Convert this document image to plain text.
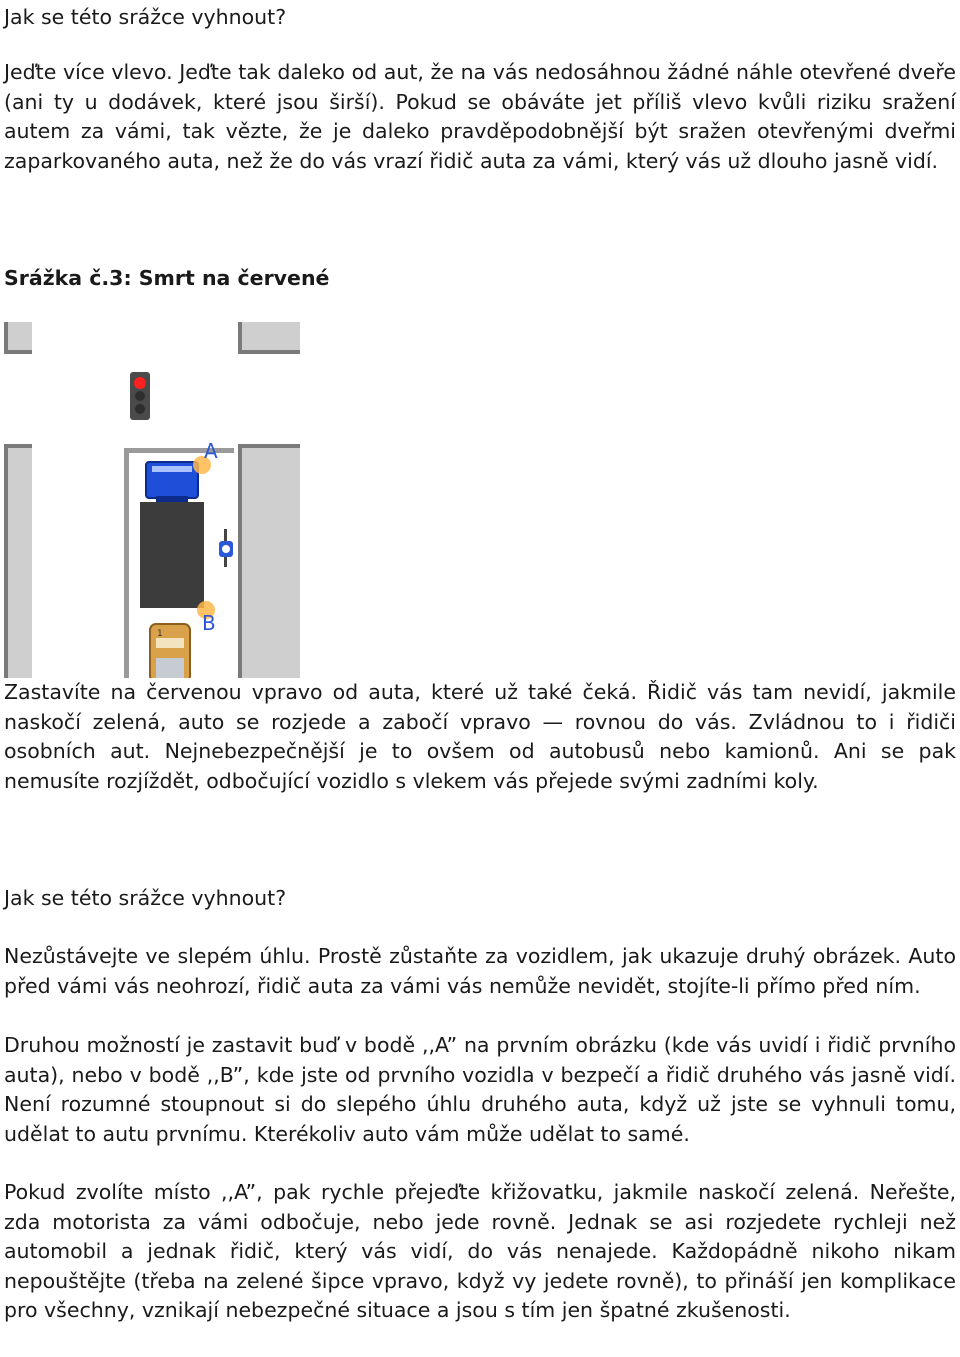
Jak se této srážce vyhnout?

Jeďte více vlevo. Jeďte tak daleko od aut, že na vás nedosáhnou žádné náhle otevřené dveře (ani ty u dodávek, které jsou širší). Pokud se obáváte jet příliš vlevo kvůli riziku sražení autem za vámi, tak vězte, že je daleko pravděpodobnější být sražen otevřenými dveřmi zaparkovaného auta, než že do vás vrazí řidič auta za vámi, který vás už dlouho jasně vidí.

Srážka č.3: Smrt na červené

A
B
1

Zastavíte na červenou vpravo od auta, které už také čeká. Řidič vás tam nevidí, jakmile naskočí zelená, auto se rozjede a zabočí vpravo — rovnou do vás. Zvládnou to i řidiči osobních aut. Nejnebezpečnější je to ovšem od autobusů nebo kamionů. Ani se pak nemusíte rozjíždět, odbočující vozidlo s vlekem vás přejede svými zadními koly.

Jak se této srážce vyhnout?

Nezůstávejte ve slepém úhlu. Prostě zůstaňte za vozidlem, jak ukazuje druhý obrázek. Auto před vámi vás neohrozí, řidič auta za vámi vás nemůže nevidět, stojíte-li přímo před ním.

Druhou možností je zastavit buď v bodě ,,A” na prvním obrázku (kde vás uvidí i řidič prvního auta), nebo v bodě ,,B”, kde jste od prvního vozidla v bezpečí a řidič druhého vás jasně vidí. Není rozumné stoupnout si do slepého úhlu druhého auta, když už jste se vyhnuli tomu, udělat to autu prvnímu. Kterékoliv auto vám může udělat to samé.

Pokud zvolíte místo ,,A”, pak rychle přejeďte křižovatku, jakmile naskočí zelená. Neřešte, zda motorista za vámi odbočuje, nebo jede rovně. Jednak se asi rozjedete rychleji než automobil a jednak řidič, který vás vidí, do vás nenajede. Každopádně nikoho nikam nepouštějte (třeba na zelené šipce vpravo, když vy jedete rovně), to přináší jen komplikace pro všechny, vznikají nebezpečné situace a jsou s tím jen špatné zkušenosti.
